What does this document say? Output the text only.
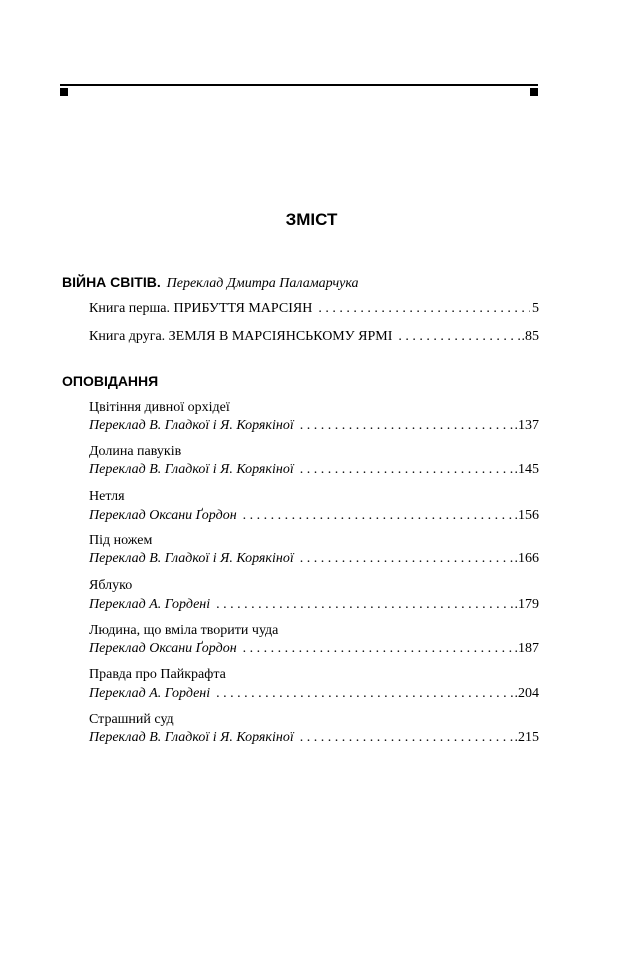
ЗМІСТ
ВІЙНА СВІТІВ. Переклад Дмитра Паламарчука
Книга перша. ПРИБУТТЯ МАРСІЯН . . .	5
Книга друга. ЗЕМЛЯ В МАРСІЯНСЬКОМУ ЯРМІ . . .	.85
ОПОВІДАННЯ
Цвітіння дивної орхідеї
Переклад В. Гладкої і Я. Корякіної . . .	.137
Долина павуків
Переклад В. Гладкої і Я. Корякіної . . .	.145
Нетля
Переклад Оксани Ґордон . . .	.156
Під ножем
Переклад В. Гладкої і Я. Корякіної . . .	.166
Яблуко
Переклад А. Гордені . . .	.179
Людина, що вміла творити чуда
Переклад Оксани Ґордон . . .	.187
Правда про Пайкрафта
Переклад А. Гордені . . .	.204
Страшний суд
Переклад В. Гладкої і Я. Корякіної . . .	.215
